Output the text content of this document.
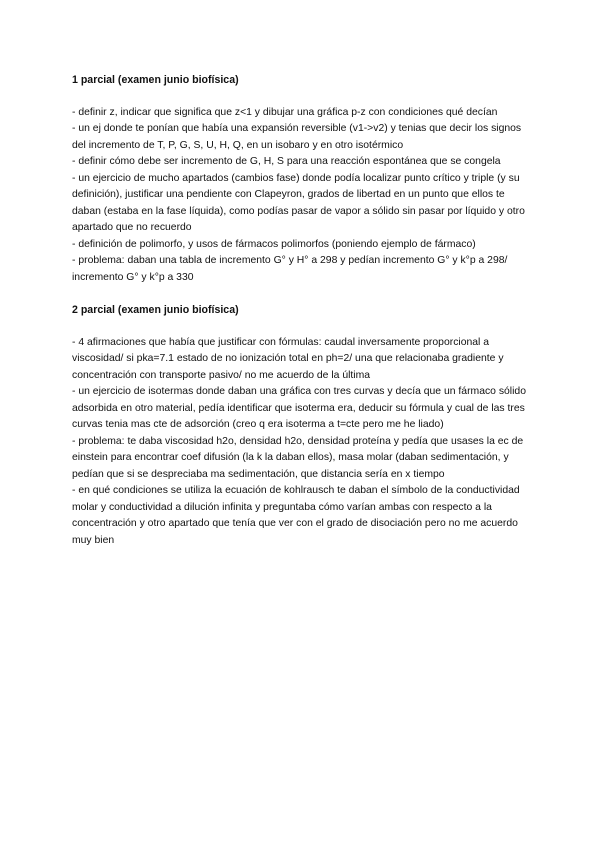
1 parcial (examen junio biofísica)

- definir z, indicar que significa que z<1 y dibujar una gráfica p-z con condiciones qué decían

- un ej donde te ponían que había una expansión reversible (v1->v2) y tenias que decir los signos del incremento de T, P, G, S, U, H, Q, en un isobaro y en otro isotérmico

- definir cómo debe ser incremento de G, H, S para una reacción espontánea que se congela

- un ejercicio de mucho apartados (cambios fase) donde podía localizar punto crítico y triple (y su definición), justificar una pendiente con Clapeyron, grados de libertad en un punto que ellos te daban (estaba en la fase líquida), como podías pasar de vapor a sólido sin pasar por líquido y otro apartado que no recuerdo

- definición de polimorfo, y usos de fármacos polimorfos (poniendo ejemplo de fármaco)

- problema: daban una tabla de incremento G° y H° a 298 y pedían incremento G° y k°p a 298/ incremento G° y k°p a 330

2 parcial (examen junio biofísica)

- 4 afirmaciones que había que justificar con fórmulas: caudal inversamente proporcional a viscosidad/ si pka=7.1 estado de no ionización total en ph=2/ una que relacionaba gradiente y concentración con transporte pasivo/ no me acuerdo de la última

- un ejercicio de isotermas donde daban una gráfica con tres curvas y decía que un fármaco sólido adsorbida en otro material, pedía identificar que isoterma era, deducir su fórmula y cual de las tres curvas tenia mas cte de adsorción (creo q era isoterma a t=cte pero me he liado)

- problema: te daba viscosidad h2o, densidad h2o, densidad proteína y pedía que usases la ec de einstein para encontrar coef difusión (la k la daban ellos), masa molar (daban sedimentación, y pedían que si se despreciaba ma sedimentación, que distancia sería en x tiempo

- en qué condiciones se utiliza la ecuación de kohlrausch te daban el símbolo de la conductividad molar y conductividad a dilución infinita y preguntaba cómo varían ambas con respecto a la concentración y otro apartado que tenía que ver con el grado de disociación pero no me acuerdo muy bien
